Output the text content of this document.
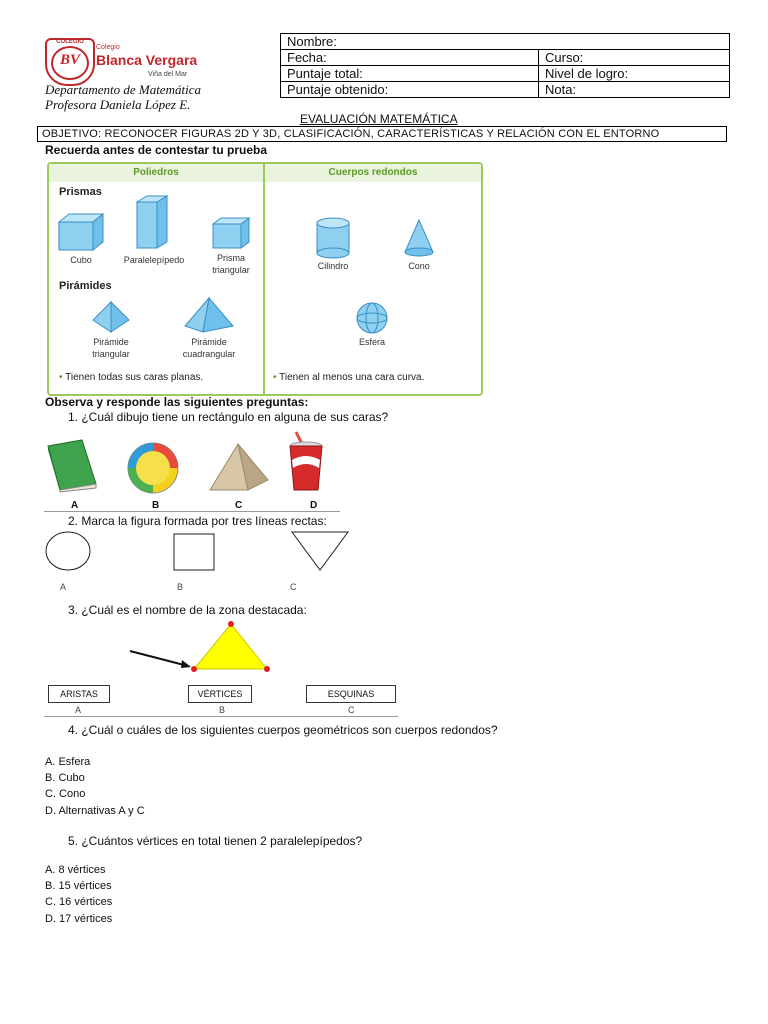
COLEGIO
BV
Colegio
Blanca Vergara
Viña del Mar
Departamento de Matemática
Profesora Daniela López E.
Nombre:	
Fecha:	Curso:
Puntaje total:	Nivel de logro:
Puntaje obtenido:	Nota:
EVALUACIÓN MATEMÁTICA
OBJETIVO: RECONOCER FIGURAS 2D Y 3D, CLASIFICACIÓN, CARACTERÍSTICAS Y RELACIÓN CON EL ENTORNO
Recuerda antes de contestar tu prueba
Poliedros	Cuerpos redondos
Prismas
Cubo	Paralelepípedo	Prisma
triangular
Pirámides
Pirámide
triangular
Pirámide
cuadrangular
• Tienen todas sus caras planas.
Cilindro	Cono
Esfera
• Tienen al menos una cara curva.
Observa y responde las siguientes preguntas:
1. ¿Cuál dibujo tiene un rectángulo en alguna de sus caras?
A	B	C	D
2. Marca la figura formada por tres líneas rectas:
A	B	C
3. ¿Cuál es el nombre de la zona destacada:
ARISTAS	VÉRTICES	ESQUINAS
A	B	C
4. ¿Cuál o cuáles de los siguientes cuerpos geométricos son cuerpos redondos?
A. Esfera
B. Cubo
C. Cono
D. Alternativas A y C
5. ¿Cuántos vértices en total tienen 2 paralelepípedos?
A. 8 vértices
B. 15 vértices
C. 16 vértices
D. 17 vértices
